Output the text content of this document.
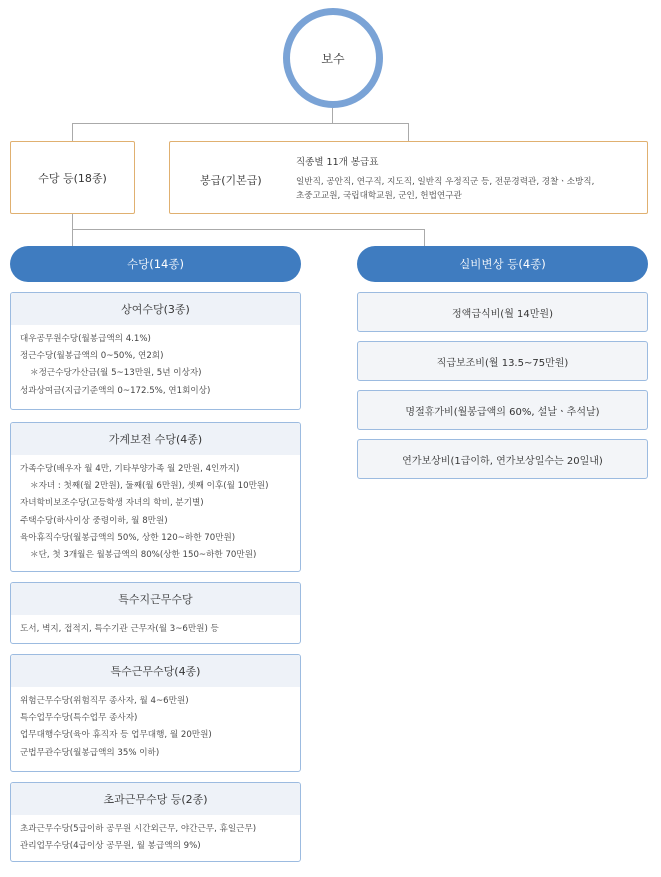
보수
수당 등(18종)	봉급(기본급)
직종별 11개 봉급표
일반직, 공안직, 연구직, 지도직, 일반직 우정직군 등, 전문경력관, 경찰ㆍ소방직,
초중고교원, 국립대학교원, 군인, 헌법연구관
수당(14종)	실비변상 등(4종)
상여수당(3종)
대우공무원수당(월봉급액의 4.1%)
정근수당(월봉급액의 0~50%, 연2회)
＊정근수당가산금(월 5~13만원, 5년 이상자)
성과상여금(지급기준액의 0~172.5%, 연1회이상)
가계보전 수당(4종)
가족수당(배우자 월 4만, 기타부양가족 월 2만원, 4인까지)
＊자녀 : 첫째(월 2만원), 둘째(월 6만원), 셋째 이후(월 10만원)
자녀학비보조수당(고등학생 자녀의 학비, 분기별)
주택수당(하사이상 중령이하, 월 8만원)
육아휴직수당(월봉급액의 50%, 상한 120~하한 70만원)
＊단, 첫 3개월은 월봉급액의 80%(상한 150~하한 70만원)
특수지근무수당
도서, 벽지, 접적지, 특수기관 근무자(월 3~6만원) 등
특수근무수당(4종)
위험근무수당(위험직무 종사자, 월 4~6만원)
특수업무수당(특수업무 종사자)
업무대행수당(육아 휴직자 등 업무대행, 월 20만원)
군법무관수당(월봉급액의 35% 이하)
초과근무수당 등(2종)
초과근무수당(5급이하 공무원 시간외근무, 야간근무, 휴일근무)
관리업무수당(4급이상 공무원, 월 봉급액의 9%)
정액급식비(월 14만원)
직급보조비(월 13.5~75만원)
명절휴가비(월봉급액의 60%, 설날ㆍ추석날)
연가보상비(1급이하, 연가보상일수는 20일내)
